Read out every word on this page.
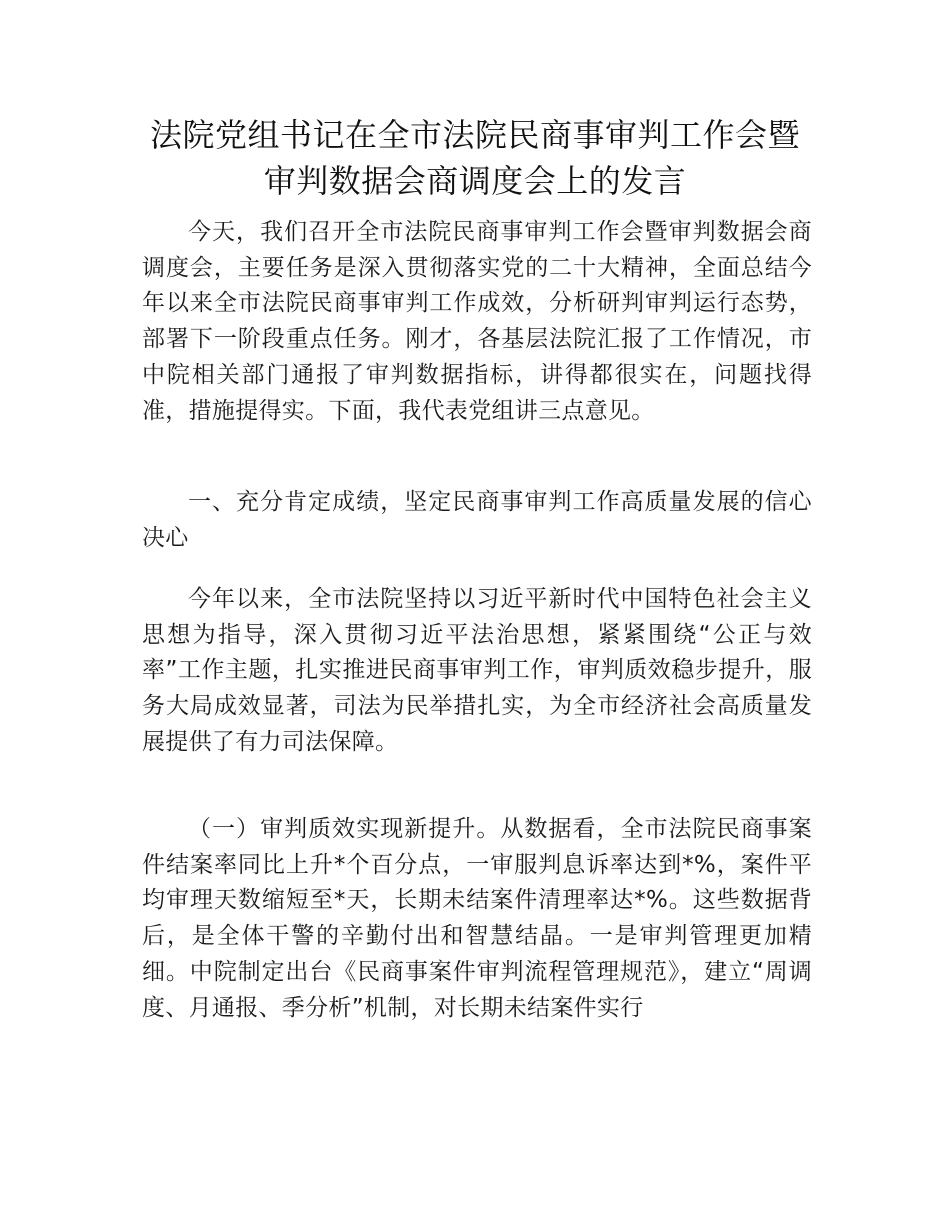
法院党组书记在全市法院民商事审判工作会暨
审判数据会商调度会上的发言

今天，我们召开全市法院民商事审判工作会暨审判数据会商调度会，主要任务是深入贯彻落实党的二十大精神，全面总结今年以来全市法院民商事审判工作成效，分析研判审判运行态势，部署下一阶段重点任务。刚才，各基层法院汇报了工作情况，市中院相关部门通报了审判数据指标，讲得都很实在，问题找得准，措施提得实。下面，我代表党组讲三点意见。

一、充分肯定成绩，坚定民商事审判工作高质量发展的信心决心

今年以来，全市法院坚持以习近平新时代中国特色社会主义思想为指导，深入贯彻习近平法治思想，紧紧围绕“公正与效率”工作主题，扎实推进民商事审判工作，审判质效稳步提升，服务大局成效显著，司法为民举措扎实，为全市经济社会高质量发展提供了有力司法保障。

（一）审判质效实现新提升。从数据看，全市法院民商事案件结案率同比上升*个百分点，一审服判息诉率达到*%，案件平均审理天数缩短至*天，长期未结案件清理率达*%。这些数据背后，是全体干警的辛勤付出和智慧结晶。一是审判管理更加精细。中院制定出台《民商事案件审判流程管理规范》，建立“周调度、月通报、季分析”机制，对长期未结案件实行
